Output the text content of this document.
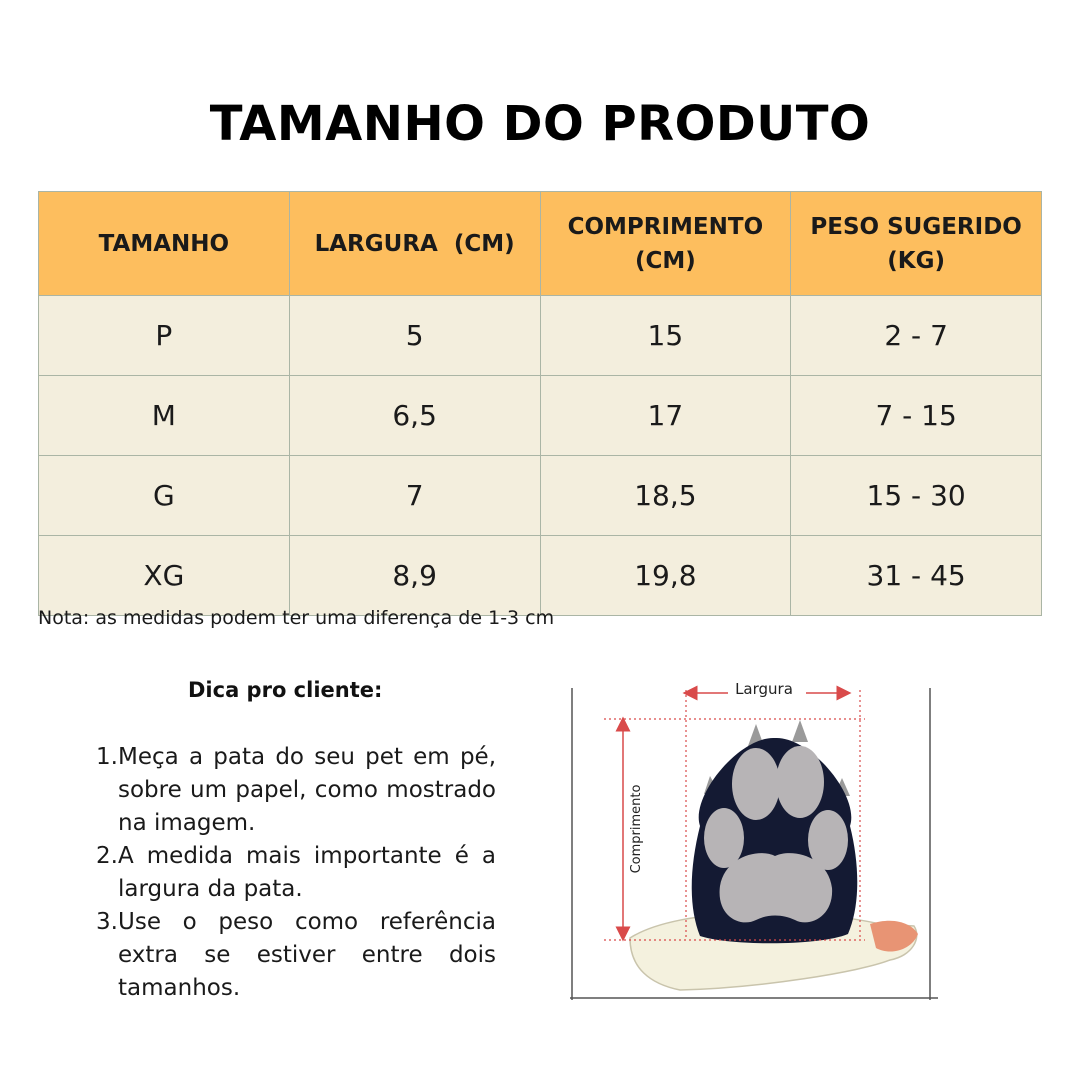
TAMANHO DO PRODUTO
TAMANHO	LARGURA  (CM)	COMPRIMENTO (CM)	PESO SUGERIDO (KG)
P	5	15	2 - 7
M	6,5	17	7 - 15
G	7	18,5	15 - 30
XG	8,9	19,8	31 - 45
Nota: as medidas podem ter uma diferença de 1-3 cm
Dica pro cliente:
1. Meça a pata do seu pet em pé, sobre um papel, como mostrado na imagem.
2. A medida mais importante é a largura da pata.
3. Use o peso como referência extra se estiver entre dois tamanhos.
Largura
Comprimento
